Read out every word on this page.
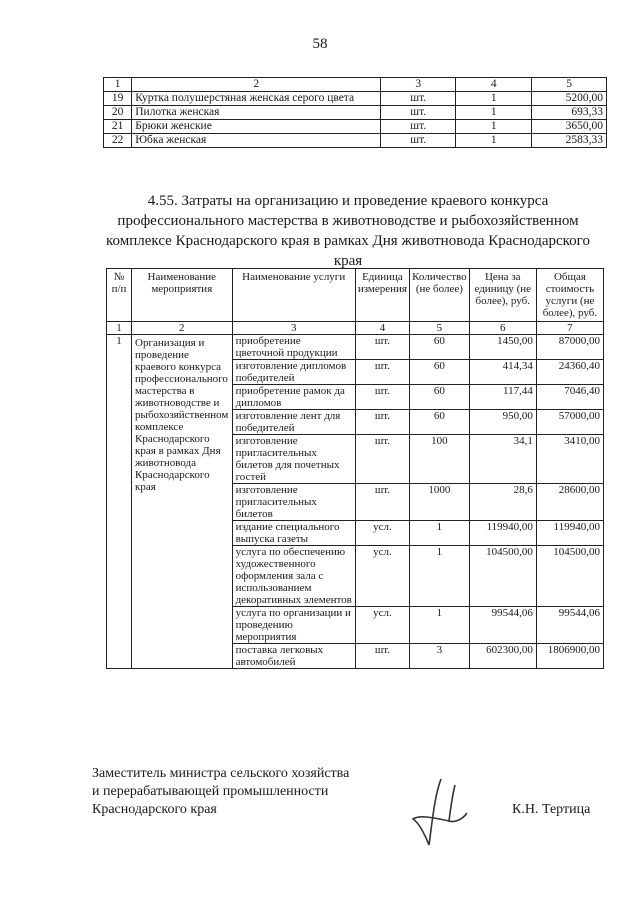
58
1	2	3	4	5
19	Куртка полушерстяная женская серого цвета	шт.	1	5200,00
20	Пилотка женская	шт.	1	693,33
21	Брюки женские	шт.	1	3650,00
22	Юбка женская	шт.	1	2583,33
4.55. Затраты на организацию и проведение краевого конкурса профессионального мастерства в животноводстве и рыбохозяйственном комплексе Краснодарского края в рамках Дня животновода Краснодарского края
№ п/п	Наименование мероприятия	Наименование услуги	Единица измерения	Количество (не более)	Цена за единицу (не более), руб.	Общая стоимость услуги (не более), руб.
1	2	3	4	5	6	7
1	Организация и проведение краевого конкурса профессионального мастерства в животноводстве и рыбохозяйственном комплексе Краснодарского края в рамках Дня животновода Краснодарского края	приобретение цветочной продукции	шт.	60	1450,00	87000,00
		изготовление дипломов победителей	шт.	60	414,34	24360,40
		приобретение рамок да дипломов	шт.	60	117,44	7046,40
		изготовление лент для победителей	шт.	60	950,00	57000,00
		изготовление пригласительных билетов для почетных гостей	шт.	100	34,1	3410,00
		изготовление пригласительных билетов	шт.	1000	28,6	28600,00
		издание специального выпуска газеты	усл.	1	119940,00	119940,00
		услуга по обеспечению художественного оформления зала с использованием декоративных элементов	усл.	1	104500,00	104500,00
		услуга по организации и проведению мероприятия	усл.	1	99544,06	99544,06
		поставка легковых автомобилей	шт.	3	602300,00	1806900,00
Заместитель министра сельского хозяйства
и перерабатывающей промышленности
Краснодарского края	К.Н. Тертица
